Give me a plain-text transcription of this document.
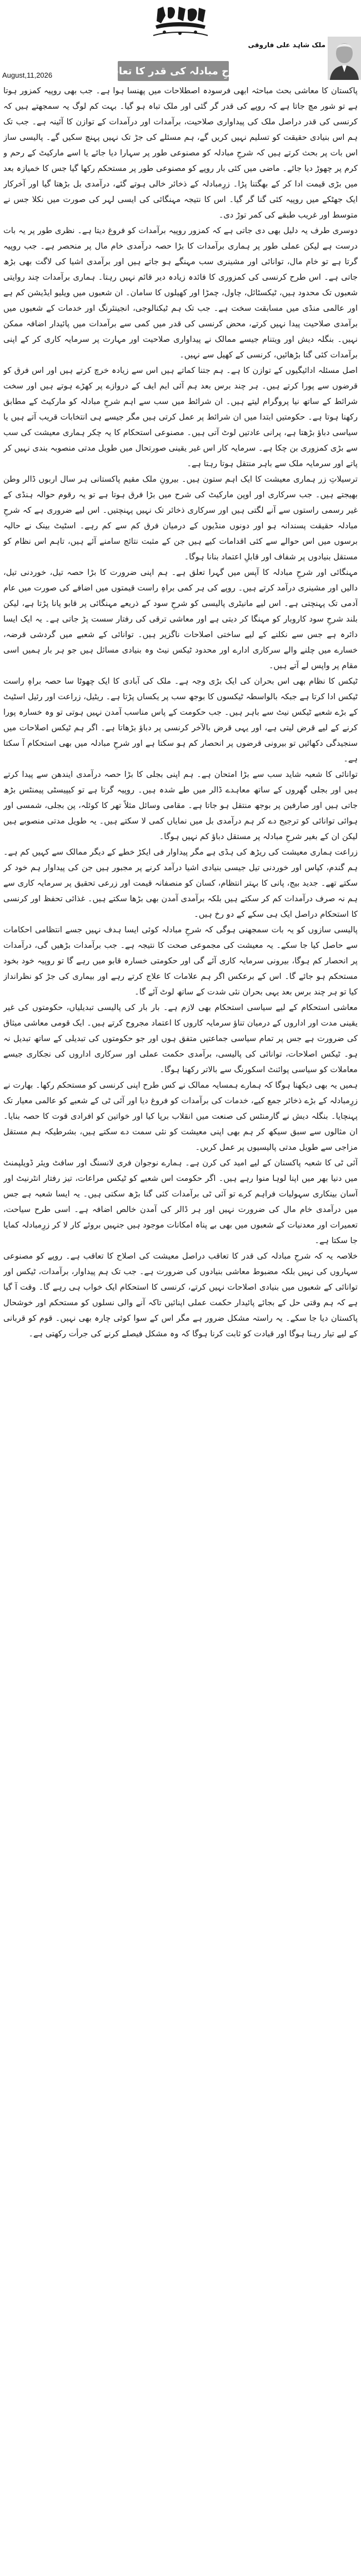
ملک شاہد علی فاروقی
شرحِ مبادلہ کی قدر کا تعاقب
August,11,2026

پاکستان کا معاشی بحث مباحثہ ابھی فرسودہ اصطلاحات میں پھنسا ہوا ہے۔ جب بھی روپیہ کمزور ہوتا ہے تو شور مچ جاتا ہے کہ روپے کی قدر گر گئی اور ملک تباہ ہو گیا۔ بہت کم لوگ یہ سمجھتے ہیں کہ کرنسی کی قدر دراصل ملک کی پیداواری صلاحیت، برآمدات اور درآمدات کے توازن کا آئینہ ہے۔ جب تک ہم اس بنیادی حقیقت کو تسلیم نہیں کریں گے، ہم مسئلے کی جڑ تک نہیں پہنچ سکیں گے۔ پالیسی ساز اس بات پر بحث کرتے ہیں کہ شرحِ مبادلہ کو مصنوعی طور پر سہارا دیا جائے یا اسے مارکیٹ کے رحم و کرم پر چھوڑ دیا جائے۔ ماضی میں کئی بار روپے کو مصنوعی طور پر مستحکم رکھا گیا جس کا خمیازہ بعد میں بڑی قیمت ادا کر کے بھگتنا پڑا۔ زرِمبادلہ کے ذخائر خالی ہوتے گئے، درآمدی بل بڑھتا گیا اور آخرکار ایک جھٹکے میں روپیہ کئی گنا گر گیا۔ اس کا نتیجہ مہنگائی کی ایسی لہر کی صورت میں نکلا جس نے متوسط اور غریب طبقے کی کمر توڑ دی۔

دوسری طرف یہ دلیل بھی دی جاتی ہے کہ کمزور روپیہ برآمدات کو فروغ دیتا ہے۔ نظری طور پر یہ بات درست ہے لیکن عملی طور پر ہماری برآمدات کا بڑا حصہ درآمدی خام مال پر منحصر ہے۔ جب روپیہ گرتا ہے تو خام مال، توانائی اور مشینری سب مہنگے ہو جاتے ہیں اور برآمدی اشیا کی لاگت بھی بڑھ جاتی ہے۔ اس طرح کرنسی کی کمزوری کا فائدہ زیادہ دیر قائم نہیں رہتا۔ ہماری برآمدات چند روایتی شعبوں تک محدود ہیں، ٹیکسٹائل، چاول، چمڑا اور کھیلوں کا سامان۔ ان شعبوں میں ویلیو ایڈیشن کم ہے اور عالمی منڈی میں مسابقت سخت ہے۔ جب تک ہم ٹیکنالوجی، انجینئرنگ اور خدمات کے شعبوں میں برآمدی صلاحیت پیدا نہیں کرتے، محض کرنسی کی قدر میں کمی سے برآمدات میں پائیدار اضافہ ممکن نہیں۔ بنگلہ دیش اور ویتنام جیسے ممالک نے پیداواری صلاحیت اور مہارت پر سرمایہ کاری کر کے اپنی برآمدات کئی گنا بڑھائیں، کرنسی کے کھیل سے نہیں۔

اصل مسئلہ ادائیگیوں کے توازن کا ہے۔ ہم جتنا کماتے ہیں اس سے زیادہ خرچ کرتے ہیں اور اس فرق کو قرضوں سے پورا کرتے ہیں۔ ہر چند برس بعد ہم آئی ایم ایف کے دروازے پر کھڑے ہوتے ہیں اور سخت شرائط کے ساتھ نیا پروگرام لیتے ہیں۔ ان شرائط میں سب سے اہم شرحِ مبادلہ کو مارکیٹ کے مطابق رکھنا ہوتا ہے۔ حکومتیں ابتدا میں ان شرائط پر عمل کرتی ہیں مگر جیسے ہی انتخابات قریب آتے ہیں یا سیاسی دباؤ بڑھتا ہے، پرانی عادتیں لوٹ آتی ہیں۔ مصنوعی استحکام کا یہ چکر ہماری معیشت کی سب سے بڑی کمزوری بن چکا ہے۔ سرمایہ کار اس غیر یقینی صورتحال میں طویل مدتی منصوبہ بندی نہیں کر پاتے اور سرمایہ ملک سے باہر منتقل ہوتا رہتا ہے۔

ترسیلاتِ زر ہماری معیشت کا ایک اہم ستون ہیں۔ بیرونِ ملک مقیم پاکستانی ہر سال اربوں ڈالر وطن بھیجتے ہیں۔ جب سرکاری اور اوپن مارکیٹ کی شرح میں بڑا فرق ہوتا ہے تو یہ رقوم حوالہ ہنڈی کے غیر رسمی راستوں سے آنے لگتی ہیں اور سرکاری ذخائر تک نہیں پہنچتیں۔ اس لیے ضروری ہے کہ شرحِ مبادلہ حقیقت پسندانہ ہو اور دونوں منڈیوں کے درمیان فرق کم سے کم رہے۔ اسٹیٹ بینک نے حالیہ برسوں میں اس حوالے سے کئی اقدامات کیے ہیں جن کے مثبت نتائج سامنے آئے ہیں، تاہم اس نظام کو مستقل بنیادوں پر شفاف اور قابلِ اعتماد بنانا ہوگا۔

مہنگائی اور شرحِ مبادلہ کا آپس میں گہرا تعلق ہے۔ ہم اپنی ضرورت کا بڑا حصہ تیل، خوردنی تیل، دالیں اور مشینری درآمد کرتے ہیں۔ روپے کی ہر کمی براہِ راست قیمتوں میں اضافے کی صورت میں عام آدمی تک پہنچتی ہے۔ اس لیے مانیٹری پالیسی کو شرحِ سود کے ذریعے مہنگائی پر قابو پانا پڑتا ہے، لیکن بلند شرحِ سود کاروبار کو مہنگا کر دیتی ہے اور معاشی ترقی کی رفتار سست پڑ جاتی ہے۔ یہ ایک ایسا دائرہ ہے جس سے نکلنے کے لیے ساختی اصلاحات ناگزیر ہیں۔ توانائی کے شعبے میں گردشی قرضہ، خسارے میں چلنے والے سرکاری ادارے اور محدود ٹیکس نیٹ وہ بنیادی مسائل ہیں جو ہر بار ہمیں اسی مقام پر واپس لے آتے ہیں۔

ٹیکس کا نظام بھی اس بحران کی ایک بڑی وجہ ہے۔ ملک کی آبادی کا ایک چھوٹا سا حصہ براہِ راست ٹیکس ادا کرتا ہے جبکہ بالواسطہ ٹیکسوں کا بوجھ سب پر یکساں پڑتا ہے۔ ریٹیل، زراعت اور رئیل اسٹیٹ کے بڑے شعبے ٹیکس نیٹ سے باہر ہیں۔ جب حکومت کے پاس مناسب آمدن نہیں ہوتی تو وہ خسارہ پورا کرنے کے لیے قرض لیتی ہے، اور یہی قرض بالآخر کرنسی پر دباؤ بڑھاتا ہے۔ اگر ہم ٹیکس اصلاحات میں سنجیدگی دکھائیں تو بیرونی قرضوں پر انحصار کم ہو سکتا ہے اور شرحِ مبادلہ میں بھی استحکام آ سکتا ہے۔

توانائی کا شعبہ شاید سب سے بڑا امتحان ہے۔ ہم اپنی بجلی کا بڑا حصہ درآمدی ایندھن سے پیدا کرتے ہیں اور بجلی گھروں کے ساتھ معاہدے ڈالر میں طے شدہ ہیں۔ روپیہ گرتا ہے تو کیپیسٹی پیمنٹس بڑھ جاتی ہیں اور صارفین پر بوجھ منتقل ہو جاتا ہے۔ مقامی وسائل مثلاً تھر کا کوئلہ، پن بجلی، شمسی اور ہوائی توانائی کو ترجیح دے کر ہم درآمدی بل میں نمایاں کمی لا سکتے ہیں۔ یہ طویل مدتی منصوبے ہیں لیکن ان کے بغیر شرحِ مبادلہ پر مستقل دباؤ کم نہیں ہوگا۔

زراعت ہماری معیشت کی ریڑھ کی ہڈی ہے مگر پیداوار فی ایکڑ خطے کے دیگر ممالک سے کہیں کم ہے۔ ہم گندم، کپاس اور خوردنی تیل جیسی بنیادی اشیا درآمد کرنے پر مجبور ہیں جن کی پیداوار ہم خود کر سکتے تھے۔ جدید بیج، پانی کا بہتر انتظام، کسان کو منصفانہ قیمت اور زرعی تحقیق پر سرمایہ کاری سے ہم نہ صرف درآمدات کم کر سکتے ہیں بلکہ برآمدی آمدن بھی بڑھا سکتے ہیں۔ غذائی تحفظ اور کرنسی کا استحکام دراصل ایک ہی سکے کے دو رخ ہیں۔

پالیسی سازوں کو یہ بات سمجھنی ہوگی کہ شرحِ مبادلہ کوئی ایسا ہدف نہیں جسے انتظامی احکامات سے حاصل کیا جا سکے۔ یہ معیشت کی مجموعی صحت کا نتیجہ ہے۔ جب برآمدات بڑھیں گی، درآمدات پر انحصار کم ہوگا، بیرونی سرمایہ کاری آئے گی اور حکومتی خسارہ قابو میں رہے گا تو روپیہ خود بخود مستحکم ہو جائے گا۔ اس کے برعکس اگر ہم علامات کا علاج کرتے رہے اور بیماری کی جڑ کو نظرانداز کیا تو ہر چند برس بعد یہی بحران نئی شدت کے ساتھ لوٹ آئے گا۔

معاشی استحکام کے لیے سیاسی استحکام بھی لازم ہے۔ بار بار کی پالیسی تبدیلیاں، حکومتوں کی غیر یقینی مدت اور اداروں کے درمیان تناؤ سرمایہ کاروں کا اعتماد مجروح کرتے ہیں۔ ایک قومی معاشی میثاق کی ضرورت ہے جس پر تمام سیاسی جماعتیں متفق ہوں اور جو حکومتوں کی تبدیلی کے ساتھ تبدیل نہ ہو۔ ٹیکس اصلاحات، توانائی کی پالیسی، برآمدی حکمت عملی اور سرکاری اداروں کی نجکاری جیسے معاملات کو سیاسی پوائنٹ اسکورنگ سے بالاتر رکھنا ہوگا۔

ہمیں یہ بھی دیکھنا ہوگا کہ ہمارے ہمسایہ ممالک نے کس طرح اپنی کرنسی کو مستحکم رکھا۔ بھارت نے زرِمبادلہ کے بڑے ذخائر جمع کیے، خدمات کی برآمدات کو فروغ دیا اور آئی ٹی کے شعبے کو عالمی معیار تک پہنچایا۔ بنگلہ دیش نے گارمنٹس کی صنعت میں انقلاب برپا کیا اور خواتین کو افرادی قوت کا حصہ بنایا۔ ان مثالوں سے سبق سیکھ کر ہم بھی اپنی معیشت کو نئی سمت دے سکتے ہیں، بشرطیکہ ہم مستقل مزاجی سے طویل مدتی پالیسیوں پر عمل کریں۔

آئی ٹی کا شعبہ پاکستان کے لیے امید کی کرن ہے۔ ہمارے نوجوان فری لانسنگ اور سافٹ ویئر ڈویلپمنٹ میں دنیا بھر میں اپنا لوہا منوا رہے ہیں۔ اگر حکومت اس شعبے کو ٹیکس مراعات، تیز رفتار انٹرنیٹ اور آسان بینکاری سہولیات فراہم کرے تو آئی ٹی برآمدات کئی گنا بڑھ سکتی ہیں۔ یہ ایسا شعبہ ہے جس میں درآمدی خام مال کی ضرورت نہیں اور ہر ڈالر کی آمدن خالص اضافہ ہے۔ اسی طرح سیاحت، تعمیرات اور معدنیات کے شعبوں میں بھی بے پناہ امکانات موجود ہیں جنہیں بروئے کار لا کر زرِمبادلہ کمایا جا سکتا ہے۔

خلاصہ یہ کہ شرحِ مبادلہ کی قدر کا تعاقب دراصل معیشت کی اصلاح کا تعاقب ہے۔ روپے کو مصنوعی سہاروں کی نہیں بلکہ مضبوط معاشی بنیادوں کی ضرورت ہے۔ جب تک ہم پیداوار، برآمدات، ٹیکس اور توانائی کے شعبوں میں بنیادی اصلاحات نہیں کرتے، کرنسی کا استحکام ایک خواب ہی رہے گا۔ وقت آ گیا ہے کہ ہم وقتی حل کے بجائے پائیدار حکمت عملی اپنائیں تاکہ آنے والی نسلوں کو مستحکم اور خوشحال پاکستان دیا جا سکے۔ یہ راستہ مشکل ضرور ہے مگر اس کے سوا کوئی چارہ بھی نہیں۔ قوم کو قربانی کے لیے تیار رہنا ہوگا اور قیادت کو ثابت کرنا ہوگا کہ وہ مشکل فیصلے کرنے کی جرأت رکھتی ہے۔
